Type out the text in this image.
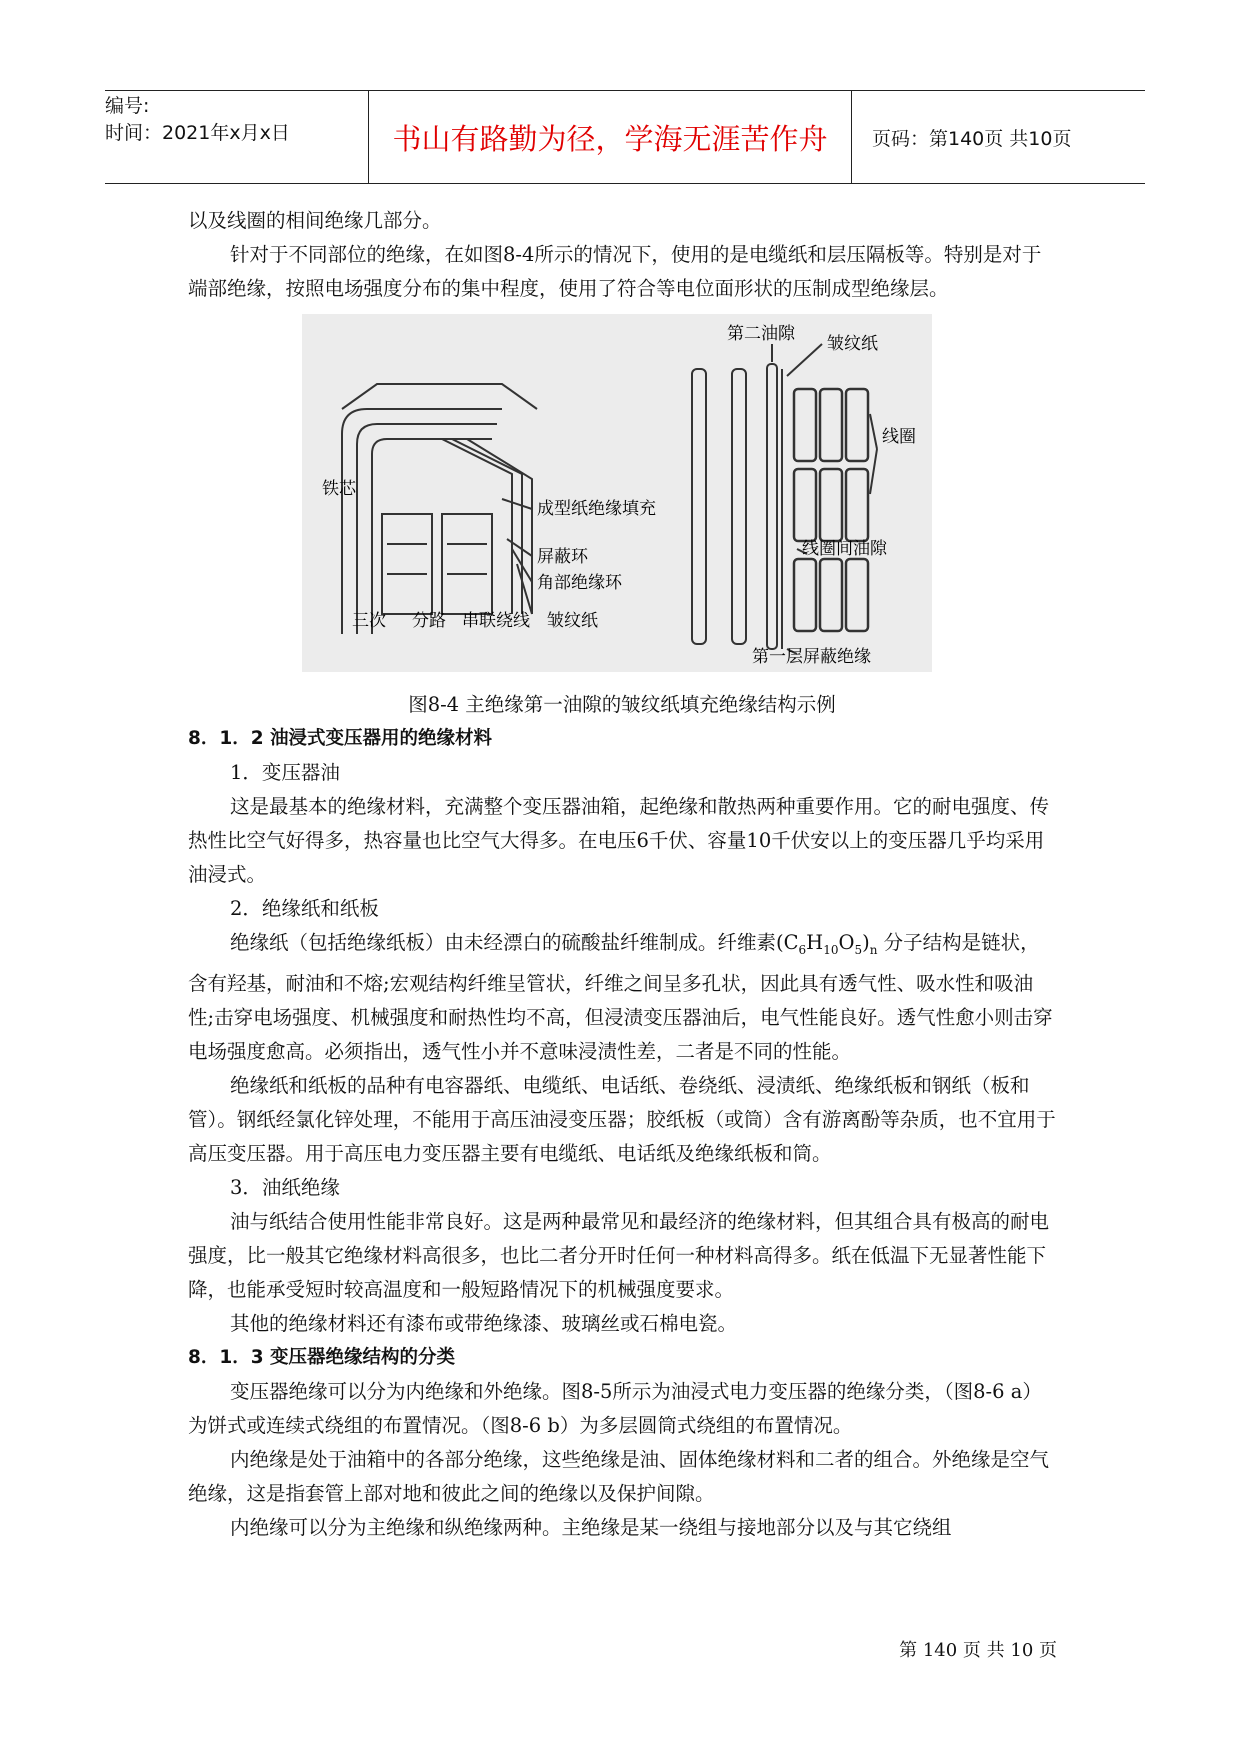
编号:
时间：2021年x月x日	书山有路勤为径，学海无涯苦作舟	页码：第140页 共10页

以及线圈的相间绝缘几部分。

针对于不同部位的绝缘，在如图8-4所示的情况下，使用的是电缆纸和层压隔板等。特别是对于端部绝缘，按照电场强度分布的集中程度，使用了符合等电位面形状的压制成型绝缘层。

第二油隙 皱纹纸
线圈
铁芯
成型纸绝缘填充
屏蔽环
角部绝缘环
线圈间油隙
三次 分路 串联绕线 皱纹纸
第一层屏蔽绝缘

图8-4 主绝缘第一油隙的皱纹纸填充绝缘结构示例

8．1．2 油浸式变压器用的绝缘材料

1．变压器油

这是最基本的绝缘材料，充满整个变压器油箱，起绝缘和散热两种重要作用。它的耐电强度、传热性比空气好得多，热容量也比空气大得多。在电压6千伏、容量10千伏安以上的变压器几乎均采用油浸式。

2．绝缘纸和纸板

绝缘纸（包括绝缘纸板）由未经漂白的硫酸盐纤维制成。纤维素$(C_6H_{10}O_5)_n$ 分子结构是链状，含有羟基，耐油和不熔;宏观结构纤维呈管状，纤维之间呈多孔状，因此具有透气性、吸水性和吸油性;击穿电场强度、机械强度和耐热性均不高，但浸渍变压器油后，电气性能良好。透气性愈小则击穿电场强度愈高。必须指出，透气性小并不意味浸渍性差，二者是不同的性能。

绝缘纸和纸板的品种有电容器纸、电缆纸、电话纸、卷绕纸、浸渍纸、绝缘纸板和钢纸（板和管）。钢纸经氯化锌处理，不能用于高压油浸变压器；胶纸板（或筒）含有游离酚等杂质，也不宜用于高压变压器。用于高压电力变压器主要有电缆纸、电话纸及绝缘纸板和筒。

3．油纸绝缘

油与纸结合使用性能非常良好。这是两种最常见和最经济的绝缘材料，但其组合具有极高的耐电强度，比一般其它绝缘材料高很多，也比二者分开时任何一种材料高得多。纸在低温下无显著性能下降，也能承受短时较高温度和一般短路情况下的机械强度要求。

其他的绝缘材料还有漆布或带绝缘漆、玻璃丝或石棉电瓷。

8．1．3 变压器绝缘结构的分类

变压器绝缘可以分为内绝缘和外绝缘。图8-5所示为油浸式电力变压器的绝缘分类，（图8-6 a）为饼式或连续式绕组的布置情况。（图8-6 b）为多层圆筒式绕组的布置情况。

内绝缘是处于油箱中的各部分绝缘，这些绝缘是油、固体绝缘材料和二者的组合。外绝缘是空气绝缘，这是指套管上部对地和彼此之间的绝缘以及保护间隙。

内绝缘可以分为主绝缘和纵绝缘两种。主绝缘是某一绕组与接地部分以及与其它绕组

第 140 页 共 10 页
